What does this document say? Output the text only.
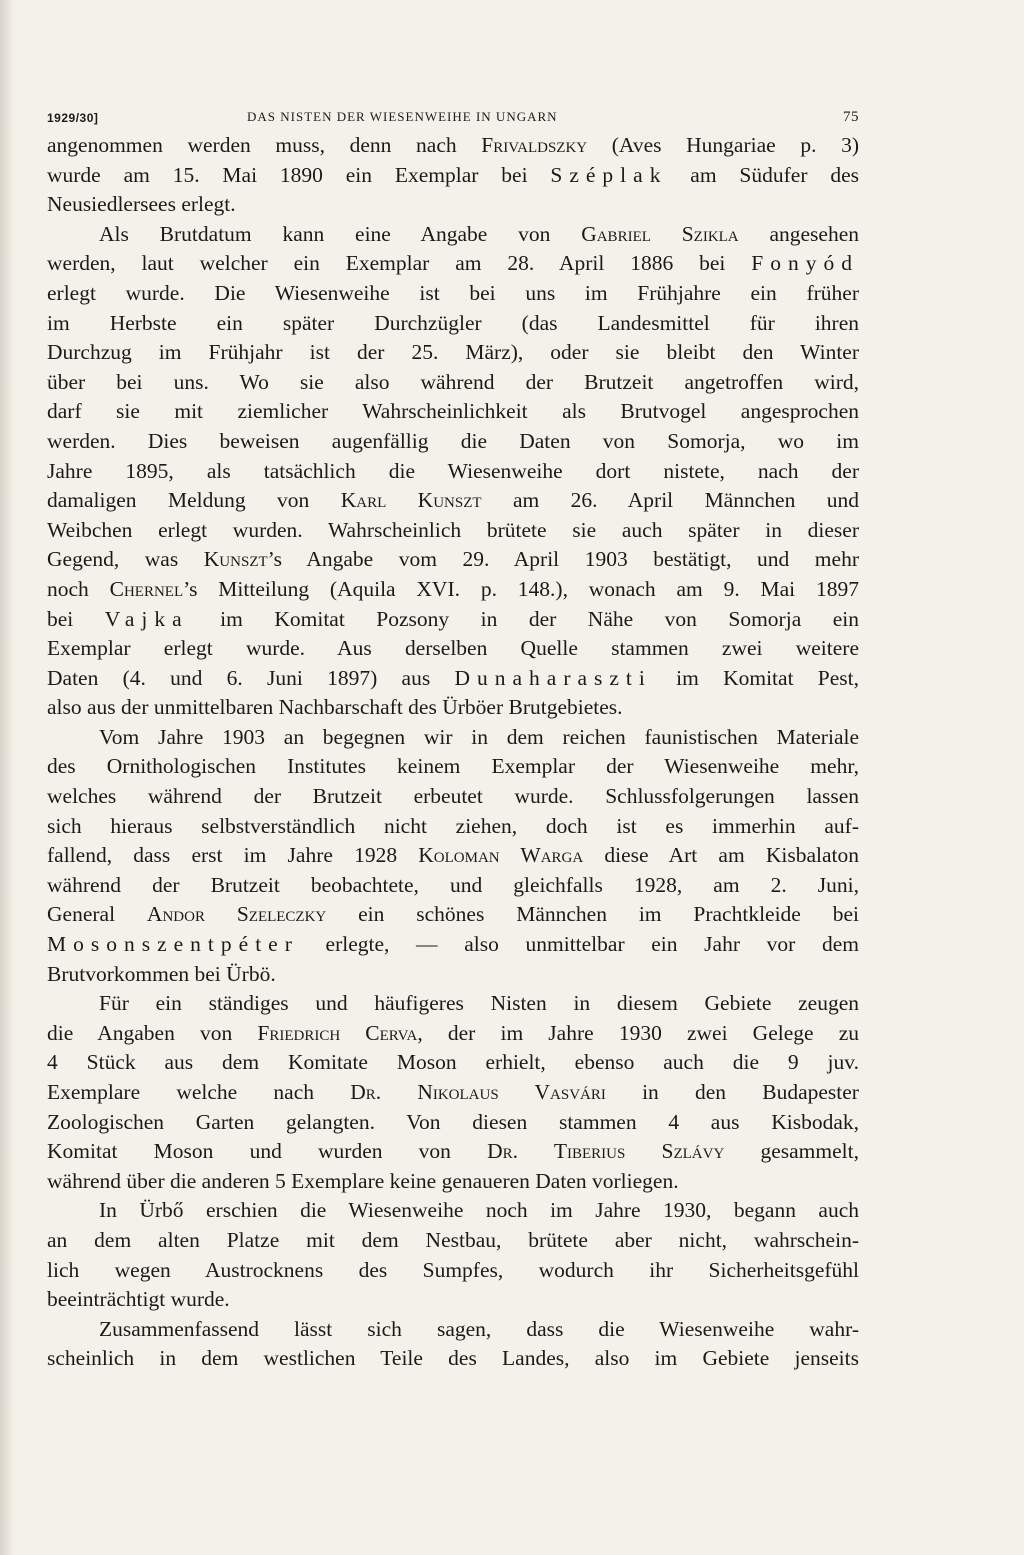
1929/30]	DAS NISTEN DER WIESENWEIHE IN UNGARN	75
angenommen werden muss, denn nach Frivaldszky (Aves Hungariae p. 3)
wurde am 15. Mai 1890 ein Exemplar bei Széplak am Südufer des
Neusiedlersees erlegt.
Als Brutdatum kann eine Angabe von Gabriel Szikla angesehen
werden, laut welcher ein Exemplar am 28. April 1886 bei Fonyód
erlegt wurde. Die Wiesenweihe ist bei uns im Frühjahre ein früher
im Herbste ein später Durchzügler (das Landesmittel für ihren
Durchzug im Frühjahr ist der 25. März), oder sie bleibt den Winter
über bei uns. Wo sie also während der Brutzeit angetroffen wird,
darf sie mit ziemlicher Wahrscheinlichkeit als Brutvogel angesprochen
werden. Dies beweisen augenfällig die Daten von Somorja, wo im
Jahre 1895, als tatsächlich die Wiesenweihe dort nistete, nach der
damaligen Meldung von Karl Kunszt am 26. April Männchen und
Weibchen erlegt wurden. Wahrscheinlich brütete sie auch später in dieser
Gegend, was Kunszt’s Angabe vom 29. April 1903 bestätigt, und mehr
noch Chernel’s Mitteilung (Aquila XVI. p. 148.), wonach am 9. Mai 1897
bei Vajka im Komitat Pozsony in der Nähe von Somorja ein
Exemplar erlegt wurde. Aus derselben Quelle stammen zwei weitere
Daten (4. und 6. Juni 1897) aus Dunaharaszti im Komitat Pest,
also aus der unmittelbaren Nachbarschaft des Ürböer Brutgebietes.
Vom Jahre 1903 an begegnen wir in dem reichen faunistischen Materiale
des Ornithologischen Institutes keinem Exemplar der Wiesenweihe mehr,
welches während der Brutzeit erbeutet wurde. Schlussfolgerungen lassen
sich hieraus selbstverständlich nicht ziehen, doch ist es immerhin auf-
fallend, dass erst im Jahre 1928 Koloman Warga diese Art am Kisbalaton
während der Brutzeit beobachtete, und gleichfalls 1928, am 2. Juni,
General Andor Szeleczky ein schönes Männchen im Prachtkleide bei
Mosonszentpéter erlegte, — also unmittelbar ein Jahr vor dem
Brutvorkommen bei Ürbö.
Für ein ständiges und häufigeres Nisten in diesem Gebiete zeugen
die Angaben von Friedrich Cerva, der im Jahre 1930 zwei Gelege zu
4 Stück aus dem Komitate Moson erhielt, ebenso auch die 9 juv.
Exemplare welche nach Dr. Nikolaus Vasvári in den Budapester
Zoologischen Garten gelangten. Von diesen stammen 4 aus Kisbodak,
Komitat Moson und wurden von Dr. Tiberius Szlávy gesammelt,
während über die anderen 5 Exemplare keine genaueren Daten vorliegen.
In Ürbő erschien die Wiesenweihe noch im Jahre 1930, begann auch
an dem alten Platze mit dem Nestbau, brütete aber nicht, wahrschein-
lich wegen Austrocknens des Sumpfes, wodurch ihr Sicherheitsgefühl
beeinträchtigt wurde.
Zusammenfassend lässt sich sagen, dass die Wiesenweihe wahr-
scheinlich in dem westlichen Teile des Landes, also im Gebiete jenseits
